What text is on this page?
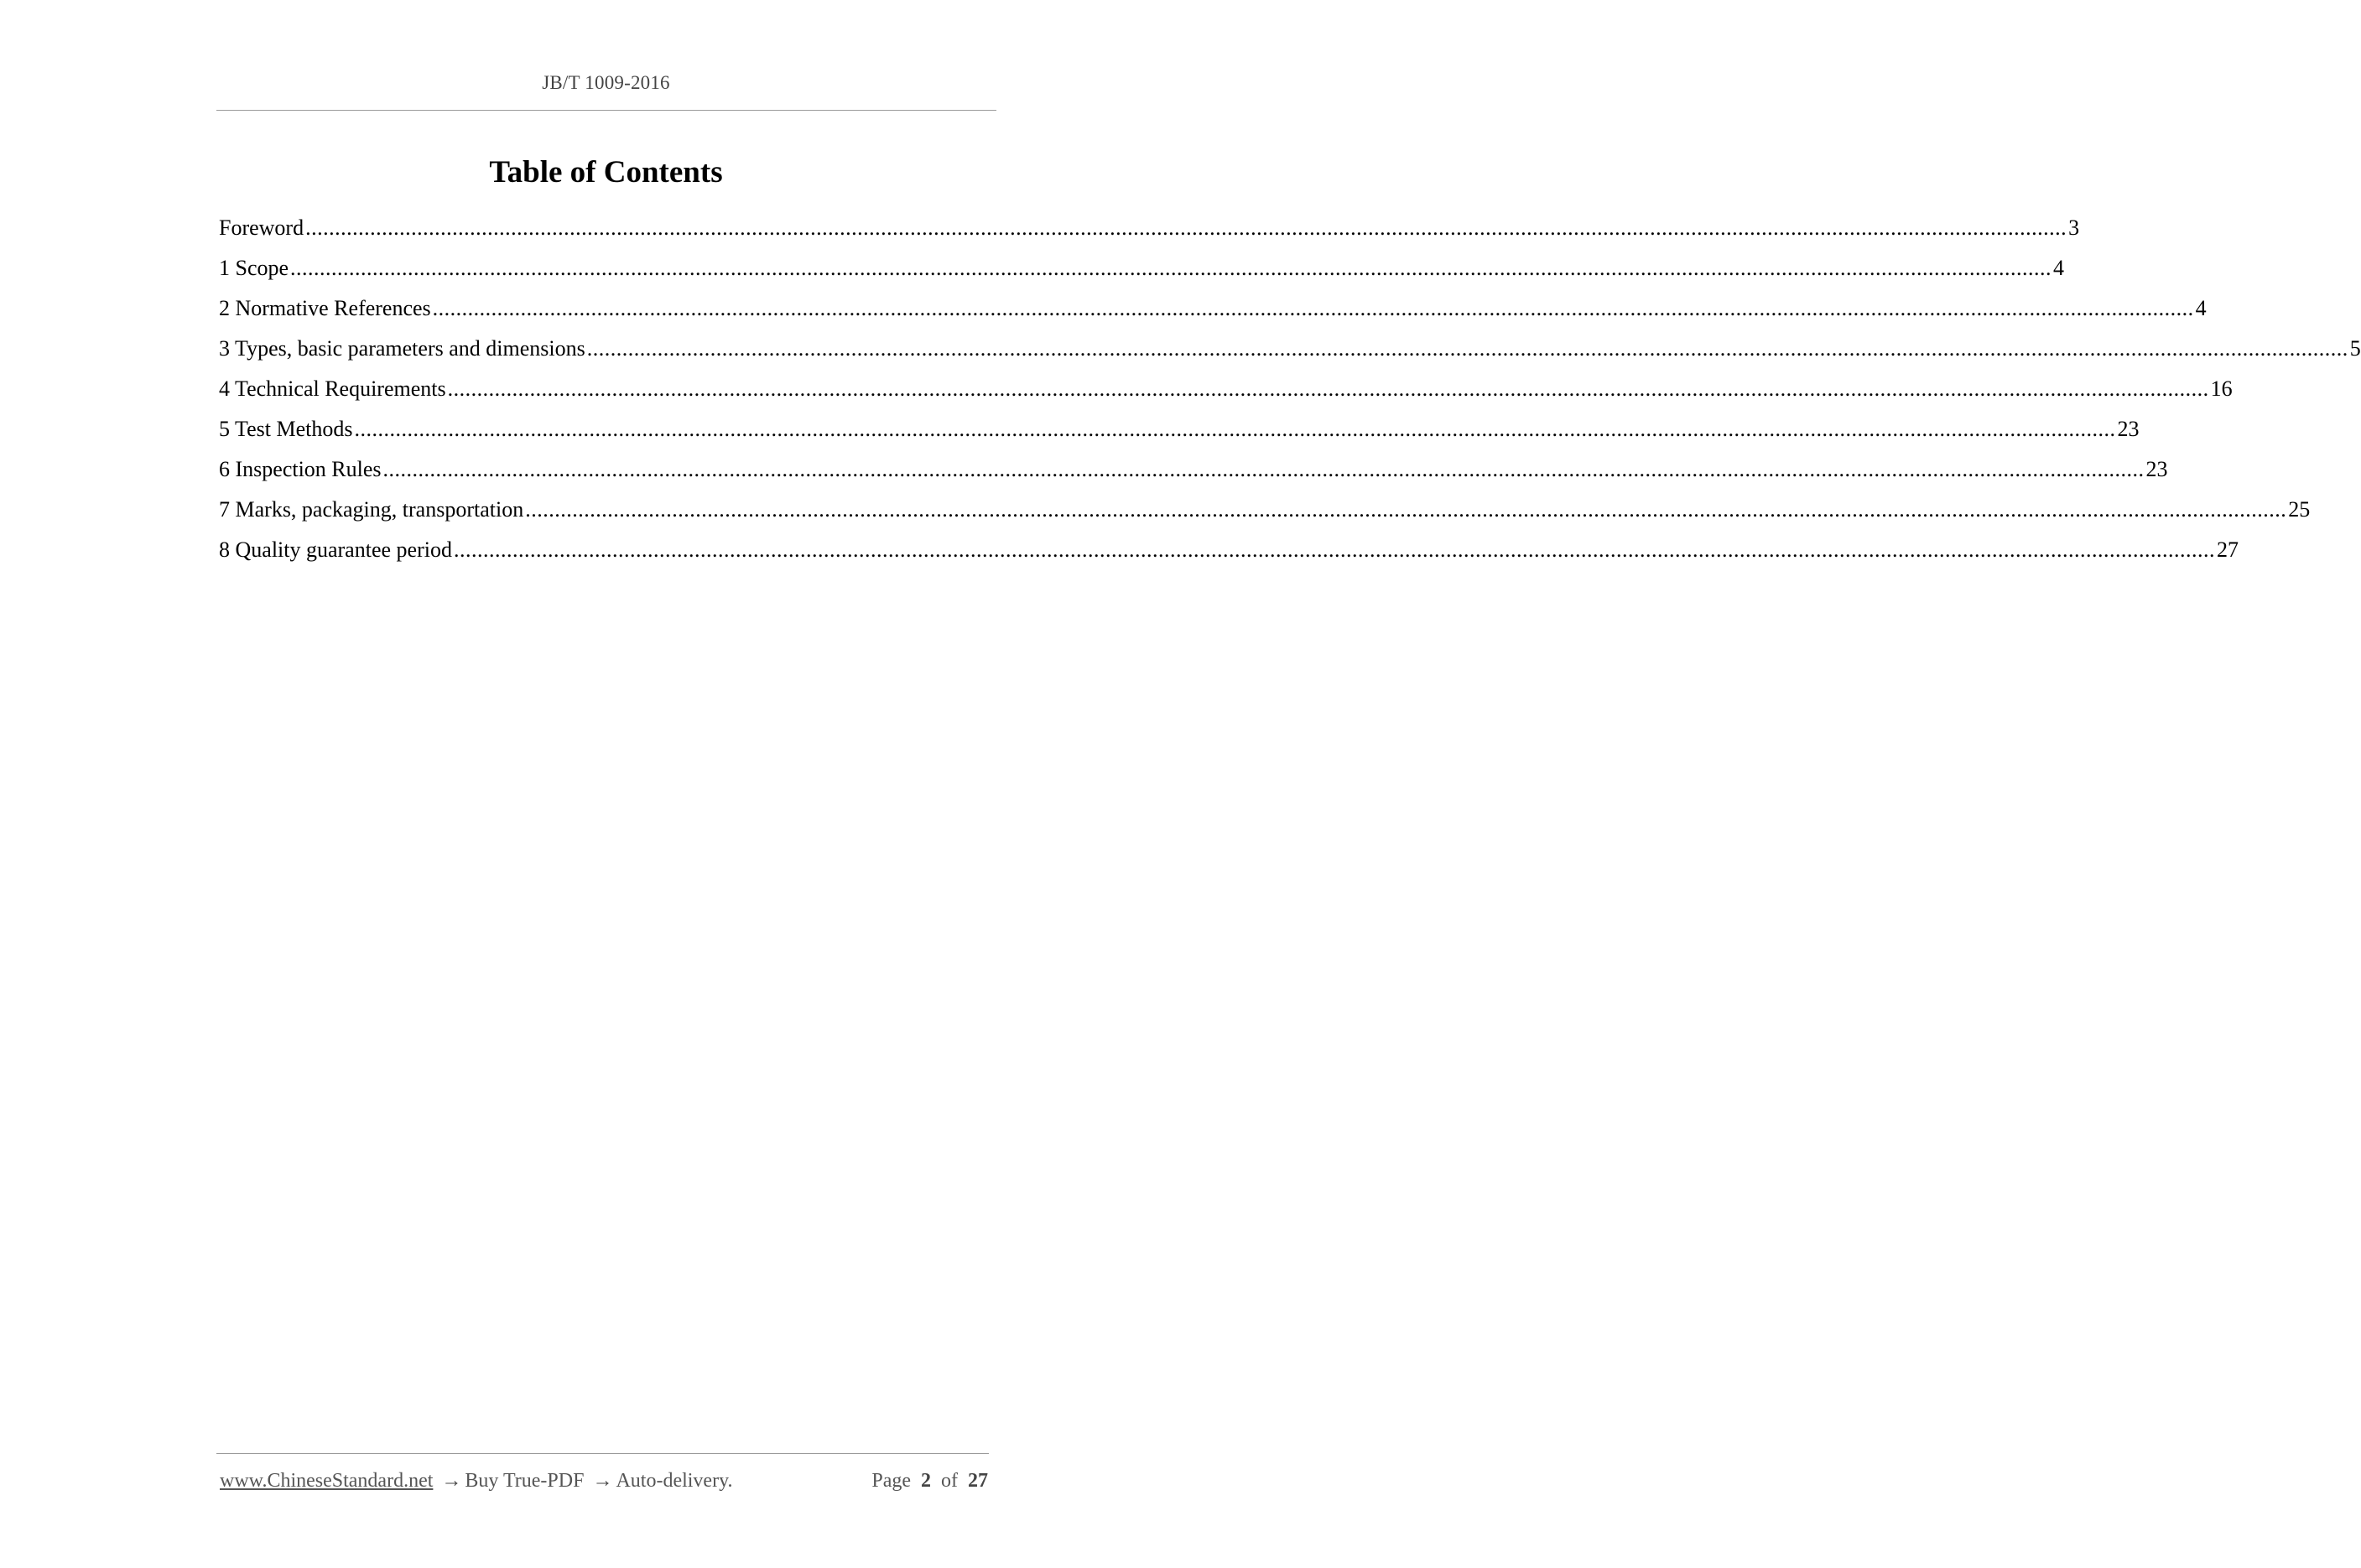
JB/T 1009-2016
Table of Contents
Foreword ............................................................................................................................................................................................................................................................................................................ 3
1 Scope ............................................................................................................................................................................................................................................................................................................ 4
2 Normative References ............................................................................................................................................................................................................................................................................................................ 4
3 Types, basic parameters and dimensions ............................................................................................................................................................................................................................................................................................................ 5
4 Technical Requirements ............................................................................................................................................................................................................................................................................................................ 16
5 Test Methods ............................................................................................................................................................................................................................................................................................................ 23
6 Inspection Rules ............................................................................................................................................................................................................................................................................................................ 23
7 Marks, packaging, transportation ............................................................................................................................................................................................................................................................................................................ 25
8 Quality guarantee period ............................................................................................................................................................................................................................................................................................................ 27
www.ChineseStandard.net → Buy True-PDF → Auto-delivery.	Page 2 of 27
